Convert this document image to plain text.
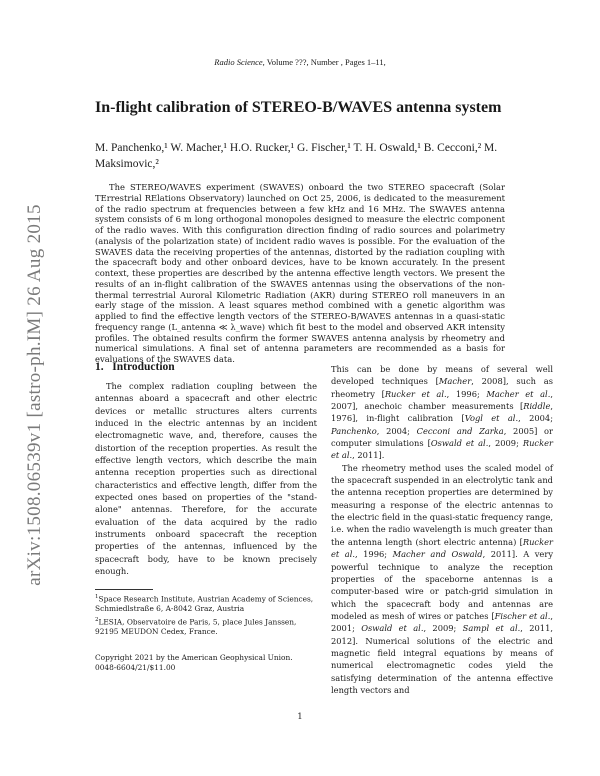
arXiv:1508.06539v1 [astro-ph.IM] 26 Aug 2015
Radio Science, Volume ???, Number , Pages 1–11,
In-flight calibration of STEREO-B/WAVES antenna system
M. Panchenko,¹ W. Macher,¹ H.O. Rucker,¹ G. Fischer,¹ T. H. Oswald,¹ B. Cecconi,² M. Maksimovic,²

The STEREO/WAVES experiment (SWAVES) onboard the two STEREO spacecraft (Solar TErrestrial RElations Observatory) launched on Oct 25, 2006, is dedicated to the measurement of the radio spectrum at frequencies between a few kHz and 16 MHz. The SWAVES antenna system consists of 6 m long orthogonal monopoles designed to measure the electric component of the radio waves. With this configuration direction finding of radio sources and polarimetry (analysis of the polarization state) of incident radio waves is possible. For the evaluation of the SWAVES data the receiving properties of the antennas, distorted by the radiation coupling with the spacecraft body and other onboard devices, have to be known accurately. In the present context, these properties are described by the antenna effective length vectors. We present the results of an in-flight calibration of the SWAVES antennas using the observations of the non-thermal terrestrial Auroral Kilometric Radiation (AKR) during STEREO roll maneuvers in an early stage of the mission. A least squares method combined with a genetic algorithm was applied to find the effective length vectors of the STEREO-B/WAVES antennas in a quasi-static frequency range (L_antenna ≪ λ_wave) which fit best to the model and observed AKR intensity profiles. The obtained results confirm the former SWAVES antenna analysis by rheometry and numerical simulations. A final set of antenna parameters are recommended as a basis for evaluations of the SWAVES data.

1. Introduction

The complex radiation coupling between the antennas aboard a spacecraft and other electric devices or metallic structures alters currents induced in the electric antennas by an incident electromagnetic wave, and, therefore, causes the distortion of the reception properties. As result the effective length vectors, which describe the main antenna reception properties such as directional characteristics and effective length, differ from the expected ones based on properties of the "stand-alone" antennas. Therefore, for the accurate evaluation of the data acquired by the radio instruments onboard spacecraft the reception properties of the antennas, influenced by the spacecraft body, have to be known precisely enough.

This can be done by means of several well developed techniques [Macher, 2008], such as rheometry [Rucker et al., 1996; Macher et al., 2007], anechoic chamber measurements [Riddle, 1976], in-flight calibration [Vogl et al., 2004; Panchenko, 2004; Cecconi and Zarka, 2005] or computer simulations [Oswald et al., 2009; Rucker et al., 2011].

The rheometry method uses the scaled model of the spacecraft suspended in an electrolytic tank and the antenna reception properties are determined by measuring a response of the electric antennas to the electric field in the quasi-static frequency range, i.e. when the radio wavelength is much greater than the antenna length (short electric antenna) [Rucker et al., 1996; Macher and Oswald, 2011]. A very powerful technique to analyze the reception properties of the spaceborne antennas is a computer-based wire or patch-grid simulation in which the spacecraft body and antennas are modeled as mesh of wires or patches [Fischer et al., 2001; Oswald et al., 2009; Sampl et al., 2011, 2012]. Numerical solutions of the electric and magnetic field integral equations by means of numerical electromagnetic codes yield the satisfying determination of the antenna effective length vectors and

$^1$Space Research Institute, Austrian Academy of Sciences, Schmiedlstraße 6, A-8042 Graz, Austria
$^2$LESIA, Observatoire de Paris, 5, place Jules Janssen, 92195 MEUDON Cedex, France.
Copyright 2021 by the American Geophysical Union.
0048-6604/21/$11.00
1
